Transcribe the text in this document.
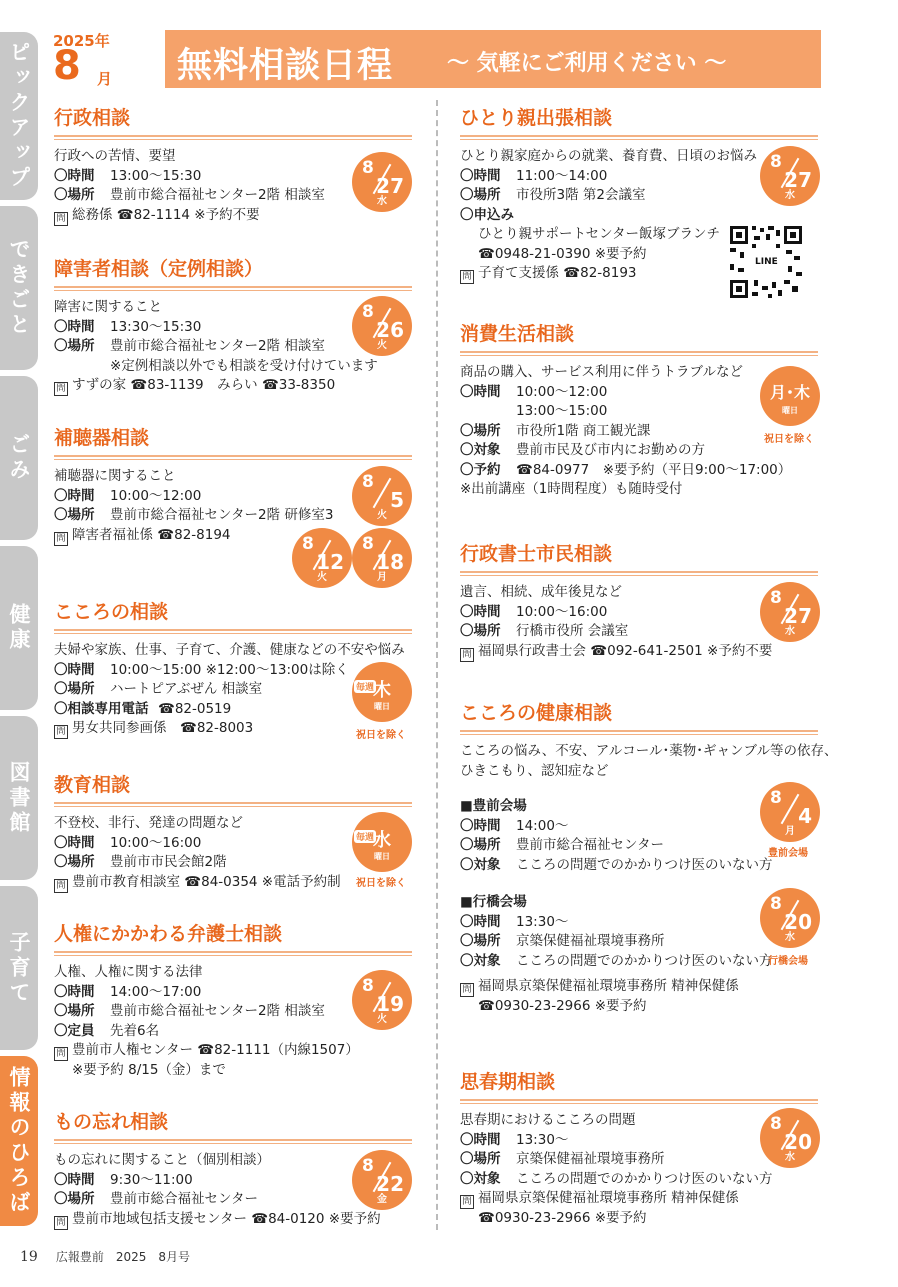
ピックアップ
できごと
ごみ
健康
図書館
子育て
情報のひろば
2025年
8 月 無料相談日程 〜 気軽にご利用ください 〜
行政相談
行政への苦情、要望
〇時間 13:00〜15:30
〇場所 豊前市総合福祉センター2階 相談室
問 総務係 ☎82-1114 ※予約不要
8
27
水
障害者相談（定例相談）
障害に関すること
〇時間 13:30〜15:30
〇場所 豊前市総合福祉センター2階 相談室
※定例相談以外でも相談を受け付けています
問 すずの家 ☎83-1139　みらい ☎33-8350
8
26
火
補聴器相談
補聴器に関すること
〇時間 10:00〜12:00
〇場所 豊前市総合福祉センター2階 研修室3
問 障害者福祉係 ☎82-8194
8
5
火
8
12
火
8
18
月
こころの相談
夫婦や家族、仕事、子育て、介護、健康などの不安や悩み
〇時間 10:00〜15:00 ※12:00〜13:00は除く
〇場所 ハートピアぶぜん 相談室
〇相談専用電話 ☎82-0519
問 男女共同参画係　☎82-8003
毎週
木
曜日
祝日を除く
教育相談
不登校、非行、発達の問題など
〇時間 10:00〜16:00
〇場所 豊前市市民会館2階
問 豊前市教育相談室 ☎84-0354 ※電話予約制
毎週
水
曜日
祝日を除く
人権にかかわる弁護士相談
人権、人権に関する法律
〇時間 14:00〜17:00
〇場所 豊前市総合福祉センター2階 相談室
〇定員 先着6名
問 豊前市人権センター ☎82-1111（内線1507）
※要予約 8/15（金）まで
8
19
火
もの忘れ相談
もの忘れに関すること（個別相談）
〇時間 9:30〜11:00
〇場所 豊前市総合福祉センター
問 豊前市地域包括支援センター ☎84-0120 ※要予約
8
22
金
ひとり親出張相談
ひとり親家庭からの就業、養育費、日頃のお悩み
〇時間 11:00〜14:00
〇場所 市役所3階 第2会議室
〇申込み
ひとり親サポートセンター飯塚ブランチ
☎0948-21-0390 ※要予約
問 子育て支援係 ☎82-8193
8
27
水
LINE
消費生活相談
商品の購入、サービス利用に伴うトラブルなど
〇時間 10:00〜12:00
13:00〜15:00
〇場所 市役所1階 商工観光課
〇対象 豊前市民及び市内にお勤めの方
〇予約 ☎84-0977　※要予約（平日9:00〜17:00）
※出前講座（1時間程度）も随時受付
月･木
曜日
祝日を除く
行政書士市民相談
遺言、相続、成年後見など
〇時間 10:00〜16:00
〇場所 行橋市役所 会議室
問 福岡県行政書士会 ☎092-641-2501 ※予約不要
8
27
水
こころの健康相談
こころの悩み、不安、アルコール･薬物･ギャンブル等の依存、
ひきこもり、認知症など
■豊前会場
〇時間 14:00〜
〇場所 豊前市総合福祉センター
〇対象 こころの問題でのかかりつけ医のいない方
■行橋会場
〇時間 13:30〜
〇場所 京築保健福祉環境事務所
〇対象 こころの問題でのかかりつけ医のいない方
問 福岡県京築保健福祉環境事務所 精神保健係
☎0930-23-2966 ※要予約
8
4
月
豊前会場
8
20
水
行橋会場
思春期相談
思春期におけるこころの問題
〇時間 13:30〜
〇場所 京築保健福祉環境事務所
〇対象 こころの問題でのかかりつけ医のいない方
問 福岡県京築保健福祉環境事務所 精神保健係
☎0930-23-2966 ※要予約
8
20
水
19 広報豊前　2025　8月号
